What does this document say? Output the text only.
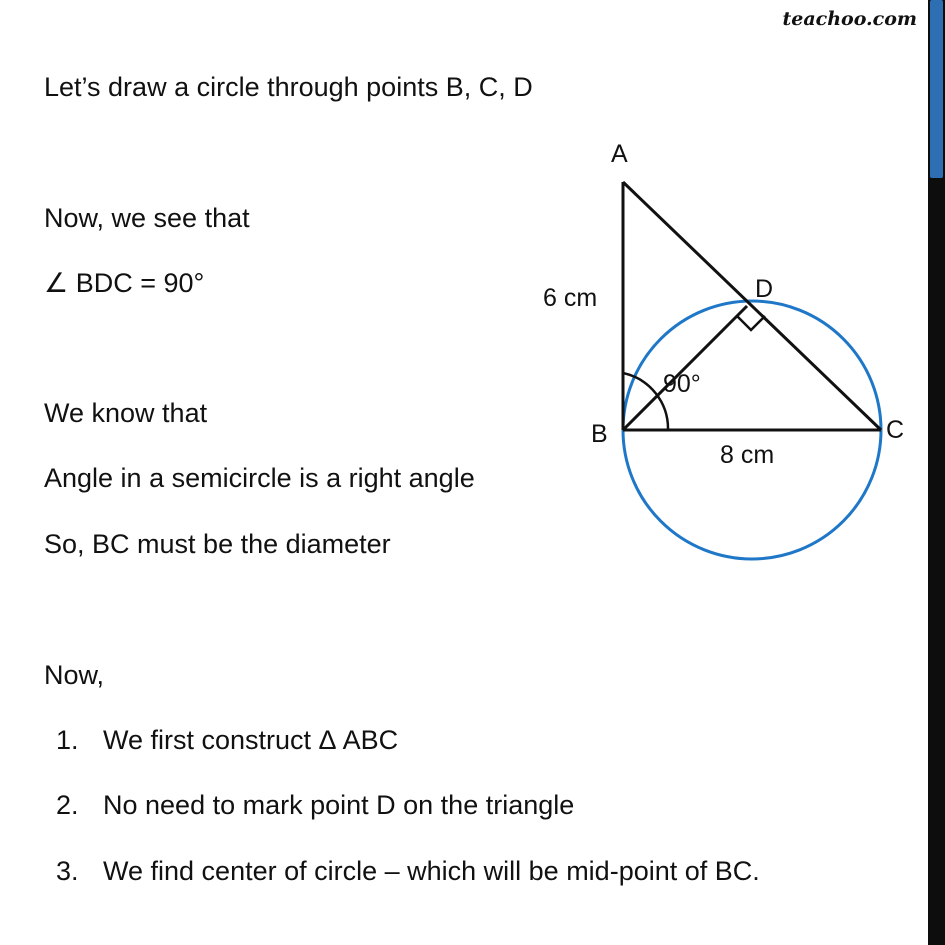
teachoo.com
Let’s draw a circle through points B, C, D
Now, we see that
∠ BDC = 90°
We know that
Angle in a semicircle is a right angle
So, BC must be the diameter
Now,
1. We first construct Δ ABC
2. No need to mark point D on the triangle
3. We find center of circle – which will be mid-point of BC.
A
D
B	C
6 cm
8 cm
90°
